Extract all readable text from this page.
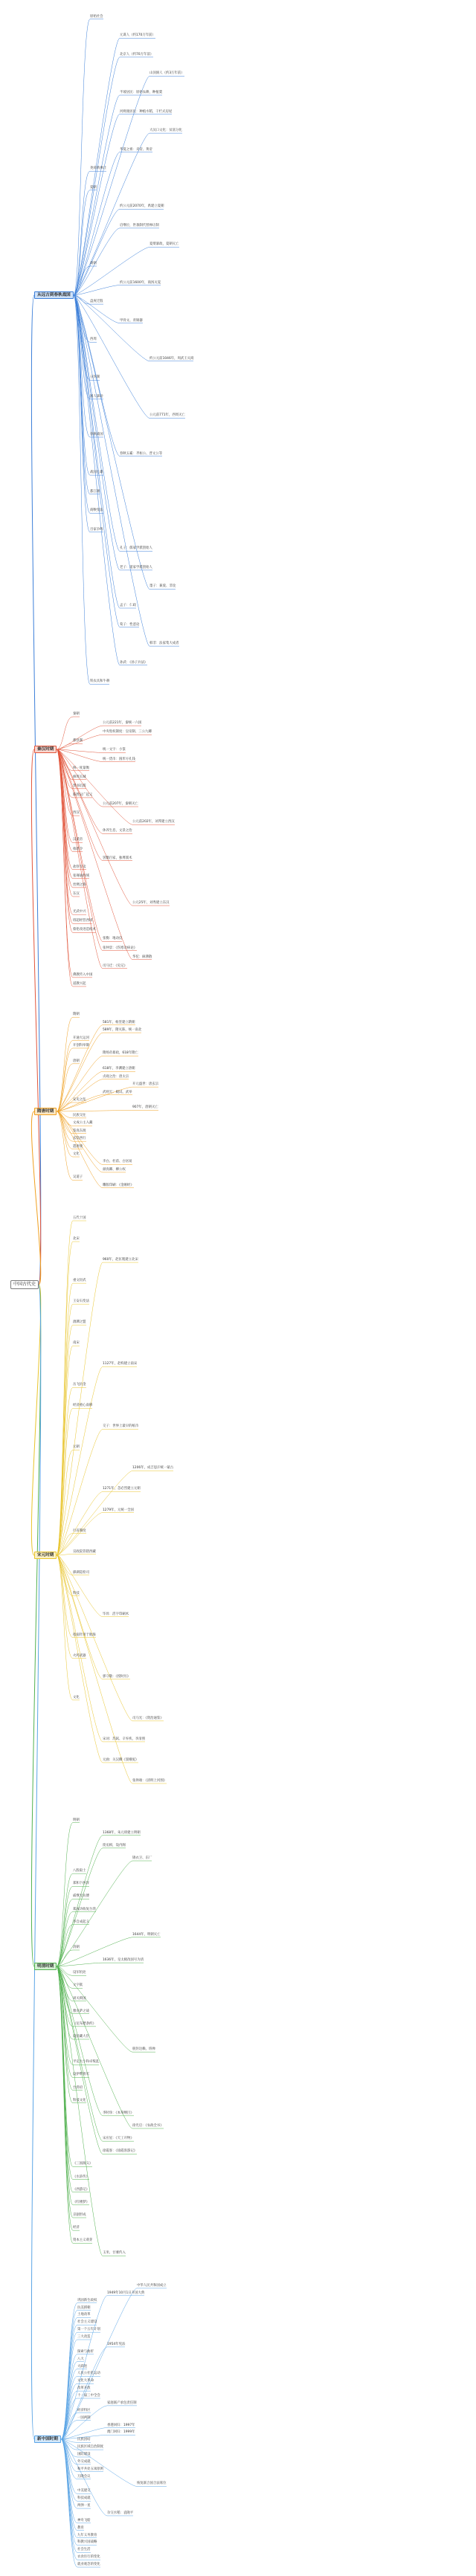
中国古代史
从远古到春秋战国
秦汉时期
隋唐时期
宋元时期
明清时期
新中国时期
原始社会
元谋人（约170万年前）
北京人（约70万年前）
山顶洞人（约3万年前）
半坡居民：原始农耕，种植粟
河姆渡居民：种植水稻，干栏式房屋
大汶口文化：贫富分化
华夏之祖：炎帝、黄帝
尧舜禹禅让
夏朝
约公元前2070年，禹建立夏朝
启继位，世袭制代替禅让制
夏桀暴政，夏朝灭亡
商朝
约公元前1600年，商汤灭夏
盘庚迁殷
甲骨文、青铜器
西周
约公元前1046年，周武王灭商
分封制
国人暴动
公元前771年，西周灭亡
春秋战国
春秋五霸：齐桓公、晋文公等
战国七雄
都江堰
商鞅变法
百家争鸣
孔子：儒家学派创始人
老子：道家学派创始人
墨子：兼爱、非攻
孟子：仁政
荀子：性恶论
韩非：法家集大成者
孙武：《孙子兵法》
铁农具和牛耕
秦朝
公元前221年，秦统一六国
中央集权制度：皇帝制、三公九卿
郡县制
统一文字：小篆
统一货币：圆形方孔钱
统一度量衡
修筑长城
焚书坑儒
陈胜吴广起义
公元前207年，秦朝灭亡
西汉
公元前202年，刘邦建立西汉
休养生息，文景之治
汉武帝
推恩令
罢黜百家，独尊儒术
盐铁专卖
张骞通西域
丝绸之路
东汉
公元25年，刘秀建立东汉
光武中兴
班超经营西域
蔡伦改进造纸术
张衡：地动仪
张仲景：《伤寒杂病论》
华佗：麻沸散
司马迁：《史记》
佛教传入中国
道教兴起
隋朝
581年，杨坚建立隋朝
589年，隋灭陈，统一南北
开通大运河
开创科举制
隋炀帝暴政，618年隋亡
唐朝
618年，李渊建立唐朝
贞观之治：唐太宗
开元盛世：唐玄宗
武则天：殿试、武举
安史之乱
907年，唐朝灭亡
民族交往
文成公主入藏
鉴真东渡
玄奘西行
遣唐使
文化
李白、杜甫、白居易
颜真卿、柳公权
吴道子
雕版印刷：《金刚经》
五代十国
北宋
960年，赵匡胤建立北宋
重文轻武
王安石变法
澶渊之盟
南宋
1127年，赵构建立南宋
岳飞抗金
经济重心南移
交子：世界上最早的纸币
元朝
1206年，成吉思汗统一蒙古
1271年，忽必烈建立元朝
1279年，元统一全国
行省制度
宣政院管辖西藏
澎湖巡检司
科技
毕昇：活字印刷术
指南针用于航海
火药武器
郭守敬：《授时历》
文化
司马光：《资治通鉴》
宋词：苏轼、辛弃疾、李清照
元曲：关汉卿《窦娥冤》
张择端：《清明上河图》
明朝
1368年，朱元璋建立明朝
废丞相，设内阁
锦衣卫、东厂
八股取士
郑和下西洋
戚继光抗倭
郑成功收复台湾
李自成起义
1644年，明朝灭亡
清朝
1636年，皇太极改国号为清
设军机处
文字狱
闭关锁国
雅克萨之战
《尼布楚条约》
设驻藏大臣
册封达赖、班禅
平定大小和卓叛乱
设伊犁将军
台湾府
科技文化
李时珍：《本草纲目》
徐光启：《农政全书》
宋应星：《天工开物》
徐霞客：《徐霞客游记》
《三国演义》
《水浒传》
《西游记》
《红楼梦》
京剧形成
经济
资本主义萌芽
玉米、甘薯传入
中华人民共和国成立
1949年10月1日开国大典
巩固新生政权
抗美援朝
土地改革
社会主义建设
第一个五年计划
三大改造
1954年宪法
探索与曲折
八大
大跃进
人民公社化运动
文化大革命
改革开放
十一届三中全会
家庭联产承包责任制
经济特区
一国两制
香港回归：1997年
澳门回归：1999年
民族团结
民族区域自治制度
国防建设
外交成就
和平共处五项原则
万隆会议
恢复联合国合法席位
中美建交
科技成就
两弹一星
杂交水稻：袁隆平
神舟飞船
教育
九年义务教育
科教兴国战略
社会生活
衣食住行的变化
就业观念的变化
